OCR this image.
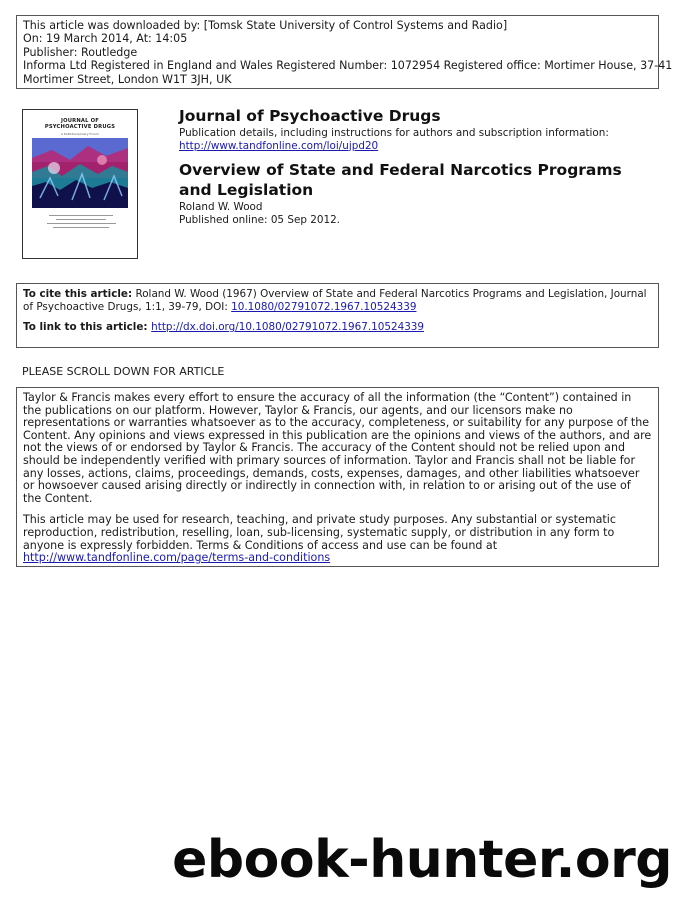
This article was downloaded by: [Tomsk State University of Control Systems and Radio]
On: 19 March 2014, At: 14:05
Publisher: Routledge
Informa Ltd Registered in England and Wales Registered Number: 1072954 Registered office: Mortimer House, 37-41
Mortimer Street, London W1T 3JH, UK
JOURNAL OF
PSYCHOACTIVE DRUGS
A Multidisciplinary Forum
Journal of Psychoactive Drugs
Publication details, including instructions for authors and subscription information:
http://www.tandfonline.com/loi/ujpd20
Overview of State and Federal Narcotics Programs and Legislation
Roland W. Wood
Published online: 05 Sep 2012.
To cite this article: Roland W. Wood (1967) Overview of State and Federal Narcotics Programs and Legislation, Journal of Psychoactive Drugs, 1:1, 39-79, DOI: 10.1080/02791072.1967.10524339
To link to this article: http://dx.doi.org/10.1080/02791072.1967.10524339
PLEASE SCROLL DOWN FOR ARTICLE

Taylor & Francis makes every effort to ensure the accuracy of all the information (the “Content”) contained in the publications on our platform. However, Taylor & Francis, our agents, and our licensors make no representations or warranties whatsoever as to the accuracy, completeness, or suitability for any purpose of the Content. Any opinions and views expressed in this publication are the opinions and views of the authors, and are not the views of or endorsed by Taylor & Francis. The accuracy of the Content should not be relied upon and should be independently verified with primary sources of information. Taylor and Francis shall not be liable for any losses, actions, claims, proceedings, demands, costs, expenses, damages, and other liabilities whatsoever or howsoever caused arising directly or indirectly in connection with, in relation to or arising out of the use of the Content.

This article may be used for research, teaching, and private study purposes. Any substantial or systematic reproduction, redistribution, reselling, loan, sub-licensing, systematic supply, or distribution in any form to anyone is expressly forbidden. Terms & Conditions of access and use can be found at http://www.tandfonline.com/page/terms-and-conditions

ebook-hunter.org
